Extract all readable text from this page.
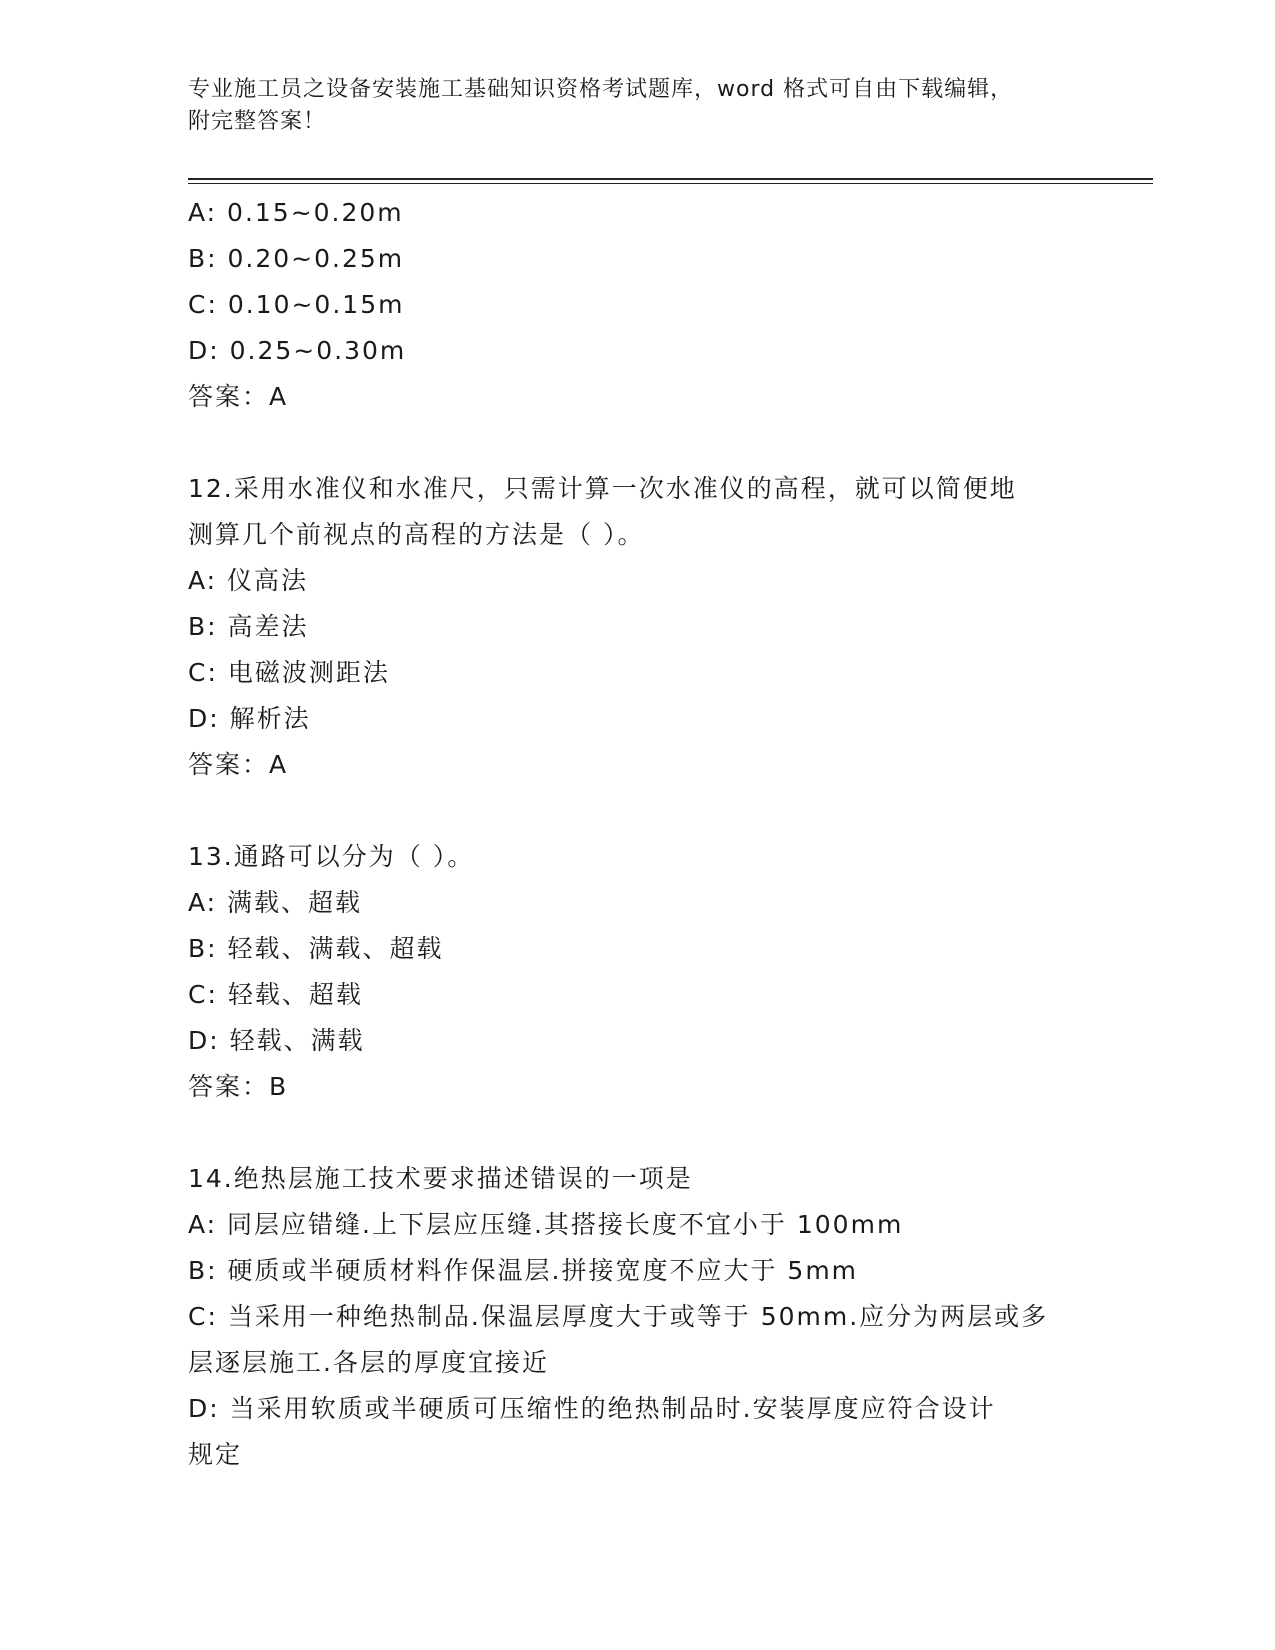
专业施工员之设备安装施工基础知识资格考试题库，word 格式可自由下载编辑，
附完整答案！
A: 0.15~0.20m
B: 0.20~0.25m
C: 0.10~0.15m
D: 0.25~0.30m
答案：A
12.采用水准仪和水准尺，只需计算一次水准仪的高程，就可以简便地
测算几个前视点的高程的方法是（ ）。
A: 仪高法
B: 高差法
C: 电磁波测距法
D: 解析法
答案：A
13.通路可以分为（ ）。
A: 满载、超载
B: 轻载、满载、超载
C: 轻载、超载
D: 轻载、满载
答案：B
14.绝热层施工技术要求描述错误的一项是
A: 同层应错缝.上下层应压缝.其搭接长度不宜小于 100mm
B: 硬质或半硬质材料作保温层.拼接宽度不应大于 5mm
C: 当采用一种绝热制品.保温层厚度大于或等于 50mm.应分为两层或多
层逐层施工.各层的厚度宜接近
D: 当采用软质或半硬质可压缩性的绝热制品时.安装厚度应符合设计
规定
